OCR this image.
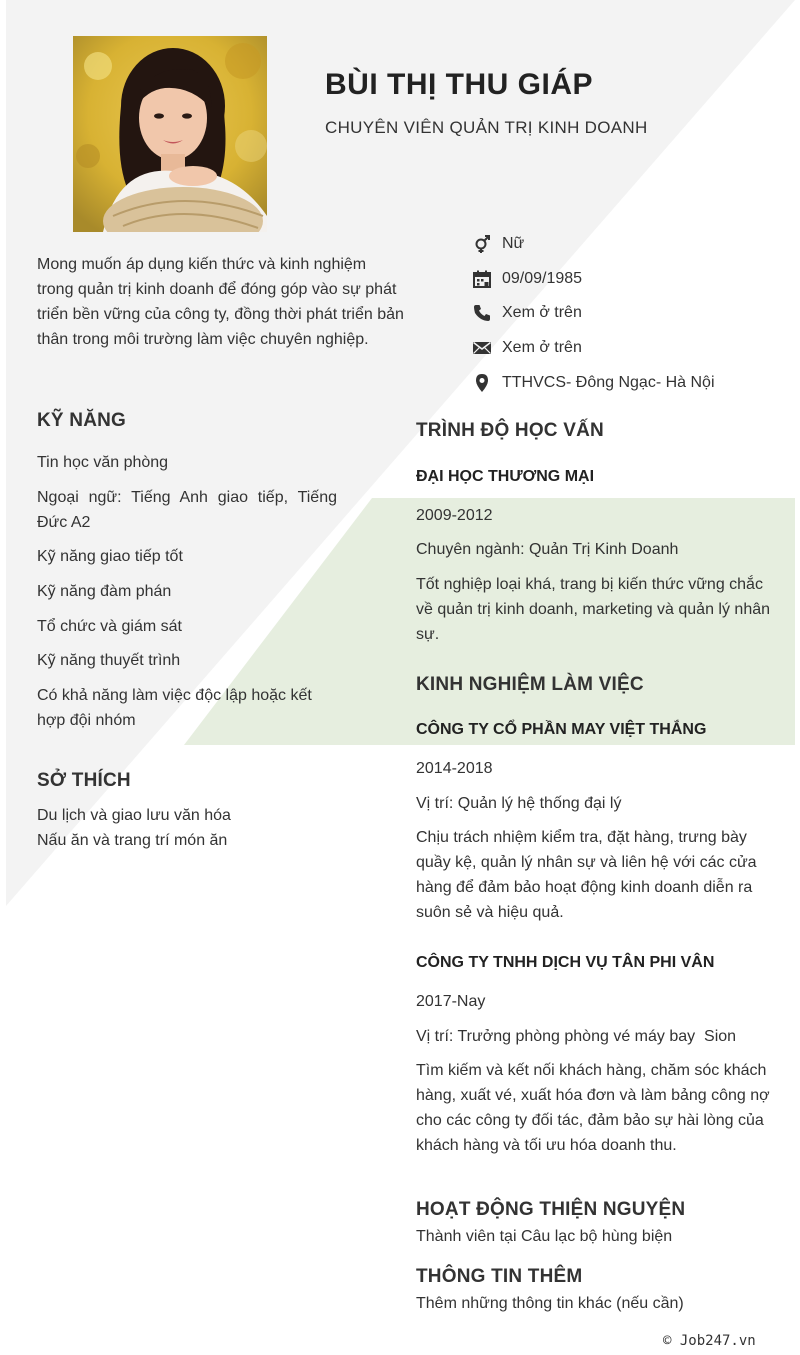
BÙI THỊ THU GIÁP
CHUYÊN VIÊN QUẢN TRỊ KINH DOANH
Nữ
09/09/1985
Xem ở trên
Xem ở trên
TTHVCS- Đông Ngạc- Hà Nội
Mong muốn áp dụng kiến thức và kinh nghiệm trong quản trị kinh doanh để đóng góp vào sự phát triển bền vững của công ty, đồng thời phát triển bản thân trong môi trường làm việc chuyên nghiệp.
KỸ NĂNG
Tin học văn phòng
Ngoại ngữ: Tiếng Anh giao tiếp, Tiếng Đức A2
Kỹ năng giao tiếp tốt
Kỹ năng đàm phán
Tổ chức và giám sát
Kỹ năng thuyết trình
Có khả năng làm việc độc lập hoặc kết hợp đội nhóm
SỞ THÍCH
Du lịch và giao lưu văn hóa
Nấu ăn và trang trí món ăn
TRÌNH ĐỘ HỌC VẤN
ĐẠI HỌC THƯƠNG MẠI
2009-2012
Chuyên ngành: Quản Trị Kinh Doanh
Tốt nghiệp loại khá, trang bị kiến thức vững chắc về quản trị kinh doanh, marketing và quản lý nhân sự.
KINH NGHIỆM LÀM VIỆC
CÔNG TY CỔ PHẦN MAY VIỆT THẮNG
2014-2018
Vị trí: Quản lý hệ thống đại lý
Chịu trách nhiệm kiểm tra, đặt hàng, trưng bày quầy kệ, quản lý nhân sự và liên hệ với các cửa hàng để đảm bảo hoạt động kinh doanh diễn ra suôn sẻ và hiệu quả.
CÔNG TY TNHH DỊCH VỤ TÂN PHI VÂN
2017-Nay
Vị trí: Trưởng phòng phòng vé máy bay  Sion
Tìm kiếm và kết nối khách hàng, chăm sóc khách hàng, xuất vé, xuất hóa đơn và làm bảng công nợ cho các công ty đối tác, đảm bảo sự hài lòng của khách hàng và tối ưu hóa doanh thu.
HOẠT ĐỘNG THIỆN NGUYỆN
Thành viên tại Câu lạc bộ hùng biện
THÔNG TIN THÊM
Thêm những thông tin khác (nếu cần)
© Job247.vn
